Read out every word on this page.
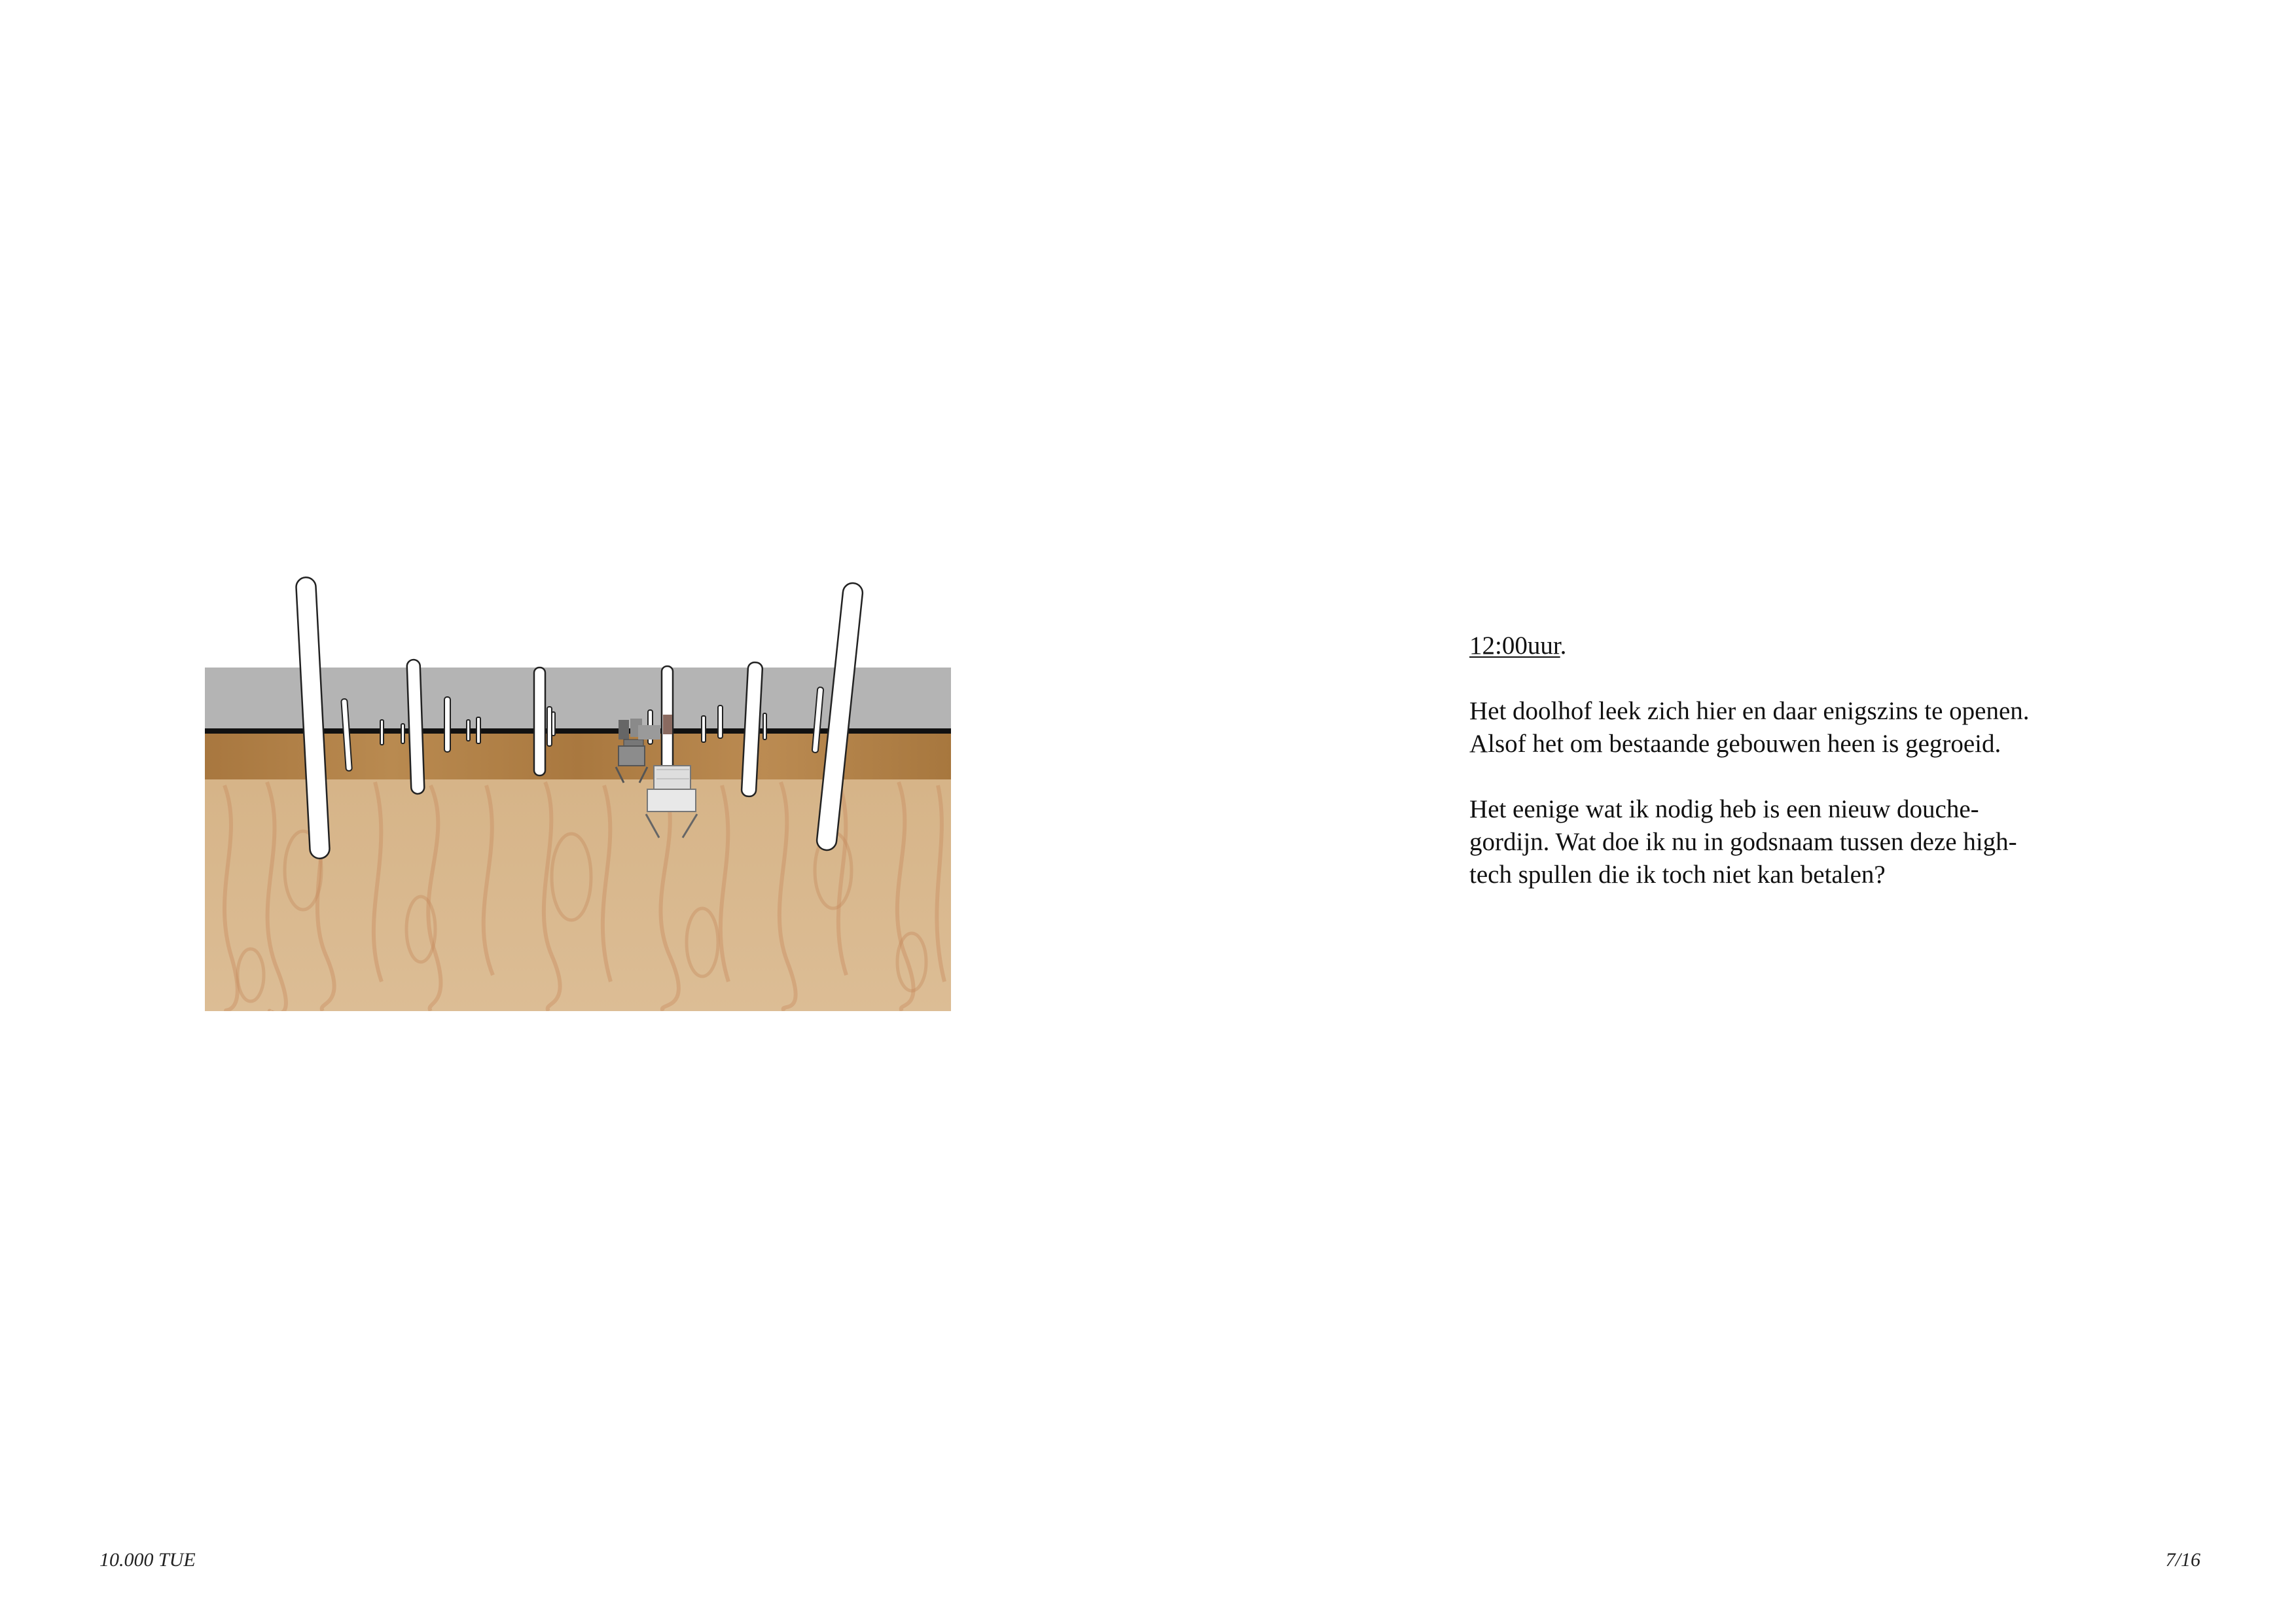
12:00uur.

Het doolhof leek zich hier en daar enigszins te openen. Alsof het om bestaande gebouwen heen is gegroeid.

Het eenige wat ik nodig heb is een nieuw douche-gordijn. Wat doe ik nu in godsnaam tussen deze high-tech spullen die ik toch niet kan betalen?

10.000 TUE	7/16
